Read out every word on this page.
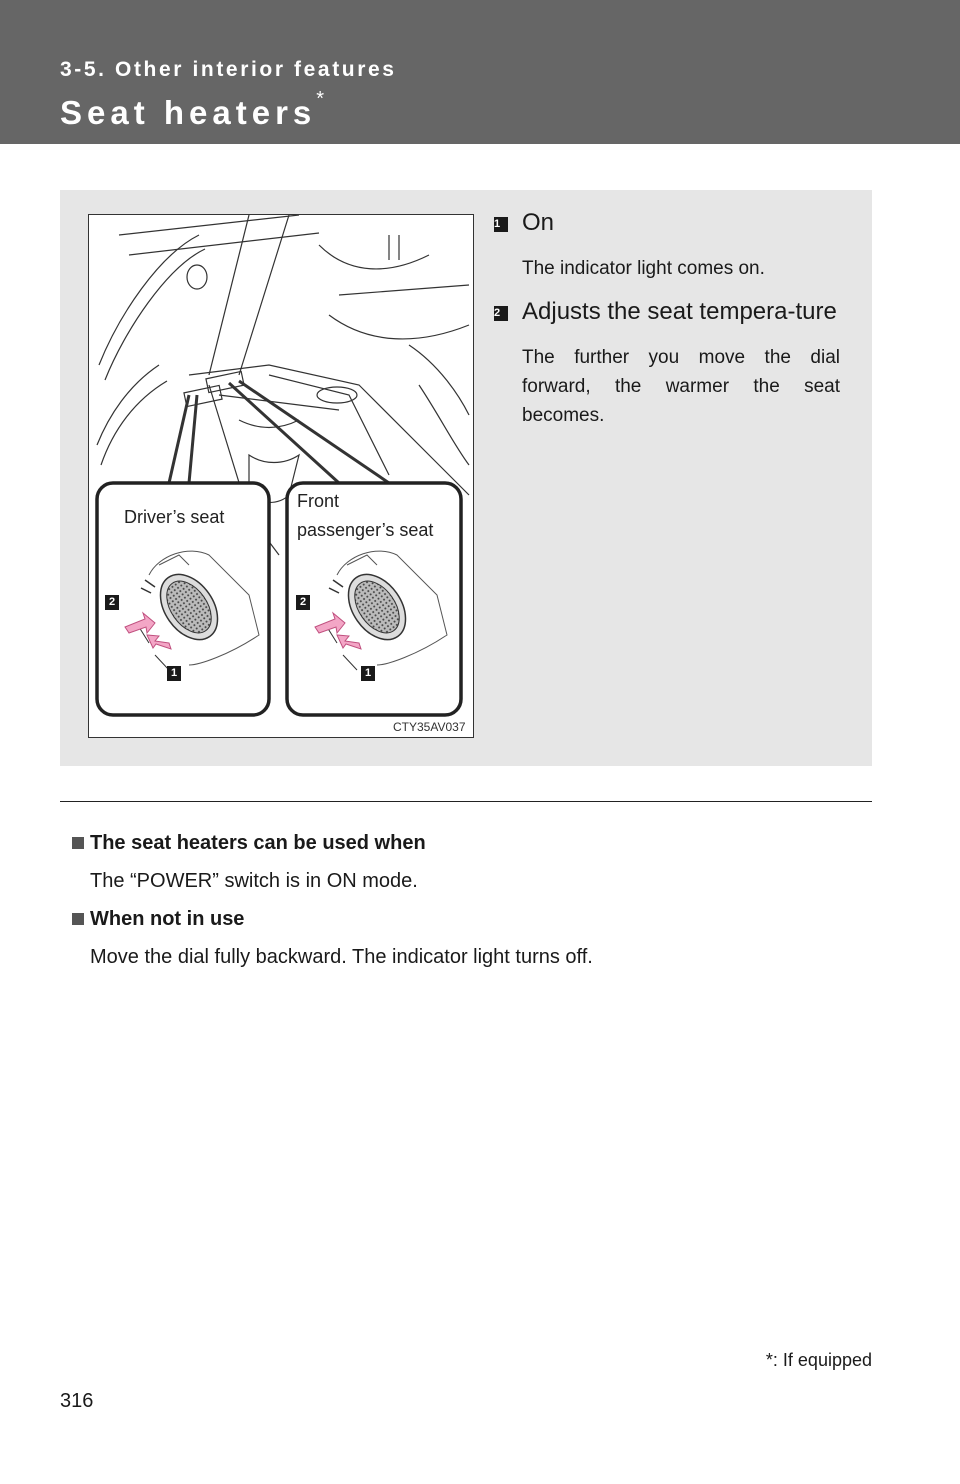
3-5. Other interior features
Seat heaters*
Driver’s seat
Front
passenger’s seat
2
1
2
1
CTY35AV037
1 On
The indicator light comes on.
2 Adjusts the seat tempera-ture
The further you move the dial forward, the warmer the seat becomes.
The seat heaters can be used when
The “POWER” switch is in ON mode.
When not in use
Move the dial fully backward. The indicator light turns off.
*: If equipped
316
